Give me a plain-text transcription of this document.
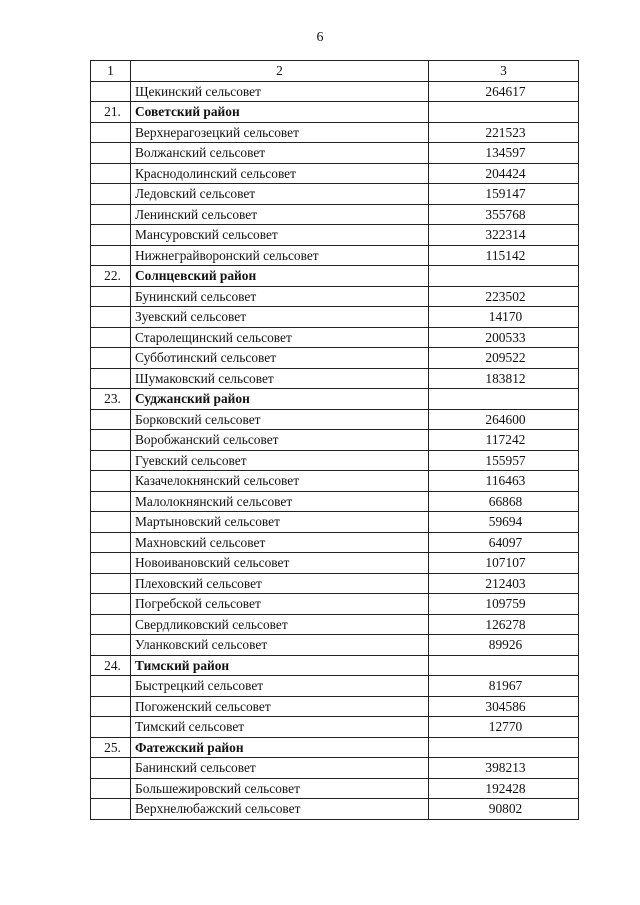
6
1	2	3
	Щекинский сельсовет	264617
21.	Советский район	
	Верхнерагозецкий сельсовет	221523
	Волжанский сельсовет	134597
	Краснодолинский сельсовет	204424
	Ледовский сельсовет	159147
	Ленинский сельсовет	355768
	Мансуровский сельсовет	322314
	Нижнеграйворонский сельсовет	115142
22.	Солнцевский район	
	Бунинский сельсовет	223502
	Зуевский сельсовет	14170
	Старолещинский сельсовет	200533
	Субботинский сельсовет	209522
	Шумаковский сельсовет	183812
23.	Суджанский район	
	Борковский сельсовет	264600
	Воробжанский сельсовет	117242
	Гуевский сельсовет	155957
	Казачелокнянский сельсовет	116463
	Малолокнянский сельсовет	66868
	Мартыновский сельсовет	59694
	Махновский сельсовет	64097
	Новоивановский сельсовет	107107
	Плеховский сельсовет	212403
	Погребской сельсовет	109759
	Свердликовский сельсовет	126278
	Уланковский сельсовет	89926
24.	Тимский район	
	Быстрецкий сельсовет	81967
	Погоженский сельсовет	304586
	Тимский сельсовет	12770
25.	Фатежский район	
	Банинский сельсовет	398213
	Большежировский сельсовет	192428
	Верхнелюбажский сельсовет	90802
